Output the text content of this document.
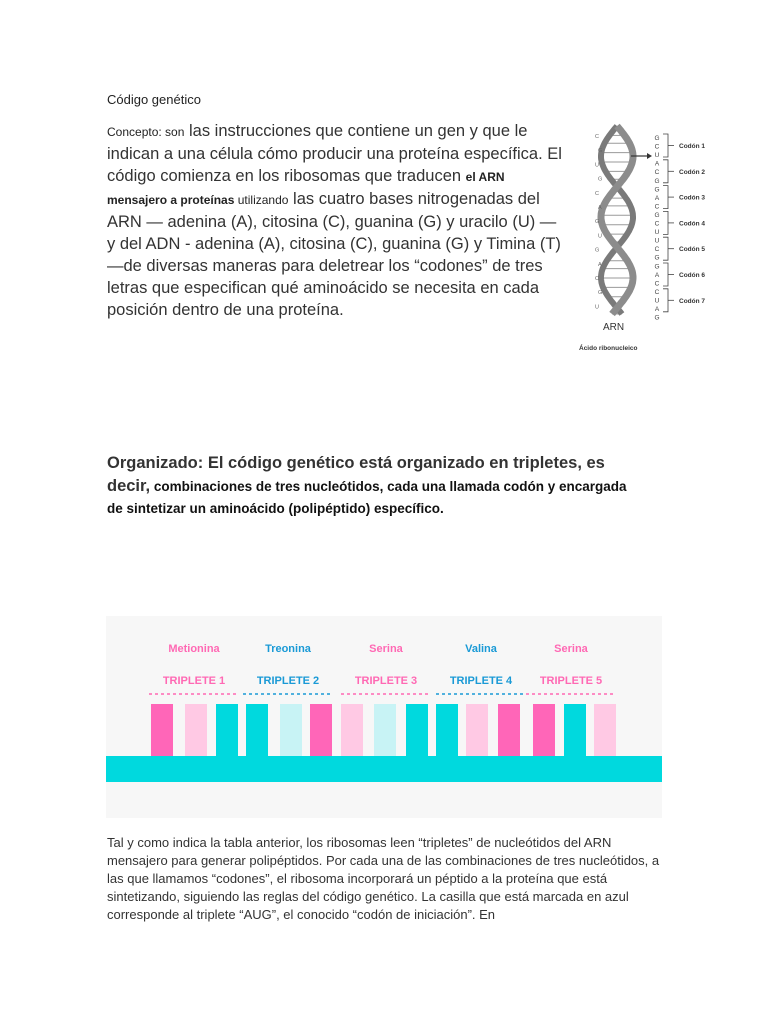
Código genético
Concepto: son las instrucciones que contiene un gen y que le indican a una célula cómo producir una proteína específica. El código comienza en los ribosomas que traducen el ARN mensajero a proteínas utilizando las cuatro bases nitrogenadas del ARN — adenina (A), citosina (C), guanina (G) y uracilo (U) — y del ADN - adenina (A), citosina (C), guanina (G) y Timina (T) —de diversas maneras para deletrear los “codones” de tres letras que especifican qué aminoácido se necesita en cada posición dentro de una proteína.
C
G
U
G
C
A
G
U
G
A
C
G
U
G
C
U
A
C
G
G
A
C
G
C
U
U
C
G
G
A
C
C
U
A
G
Codón 1
Codón 2
Codón 3
Codón 4
Codón 5
Codón 6
Codón 7
ARN
Ácido ribonucleico
Organizado: El código genético está organizado en tripletes, es decir, combinaciones de tres nucleótidos, cada una llamada codón y encargada de sintetizar un aminoácido (polipéptido) específico.
Metionina
TRIPLETE 1
Treonina
TRIPLETE 2
Serina
TRIPLETE 3
Valina
TRIPLETE 4
Serina
TRIPLETE 5
Tal y como indica la tabla anterior, los ribosomas leen “tripletes” de nucleótidos del ARN mensajero para generar polipéptidos. Por cada una de las combinaciones de tres nucleótidos, a las que llamamos “codones”, el ribosoma incorporará un péptido a la proteína que está sintetizando, siguiendo las reglas del código genético. La casilla que está marcada en azul corresponde al triplete “AUG”, el conocido “codón de iniciación”. En
